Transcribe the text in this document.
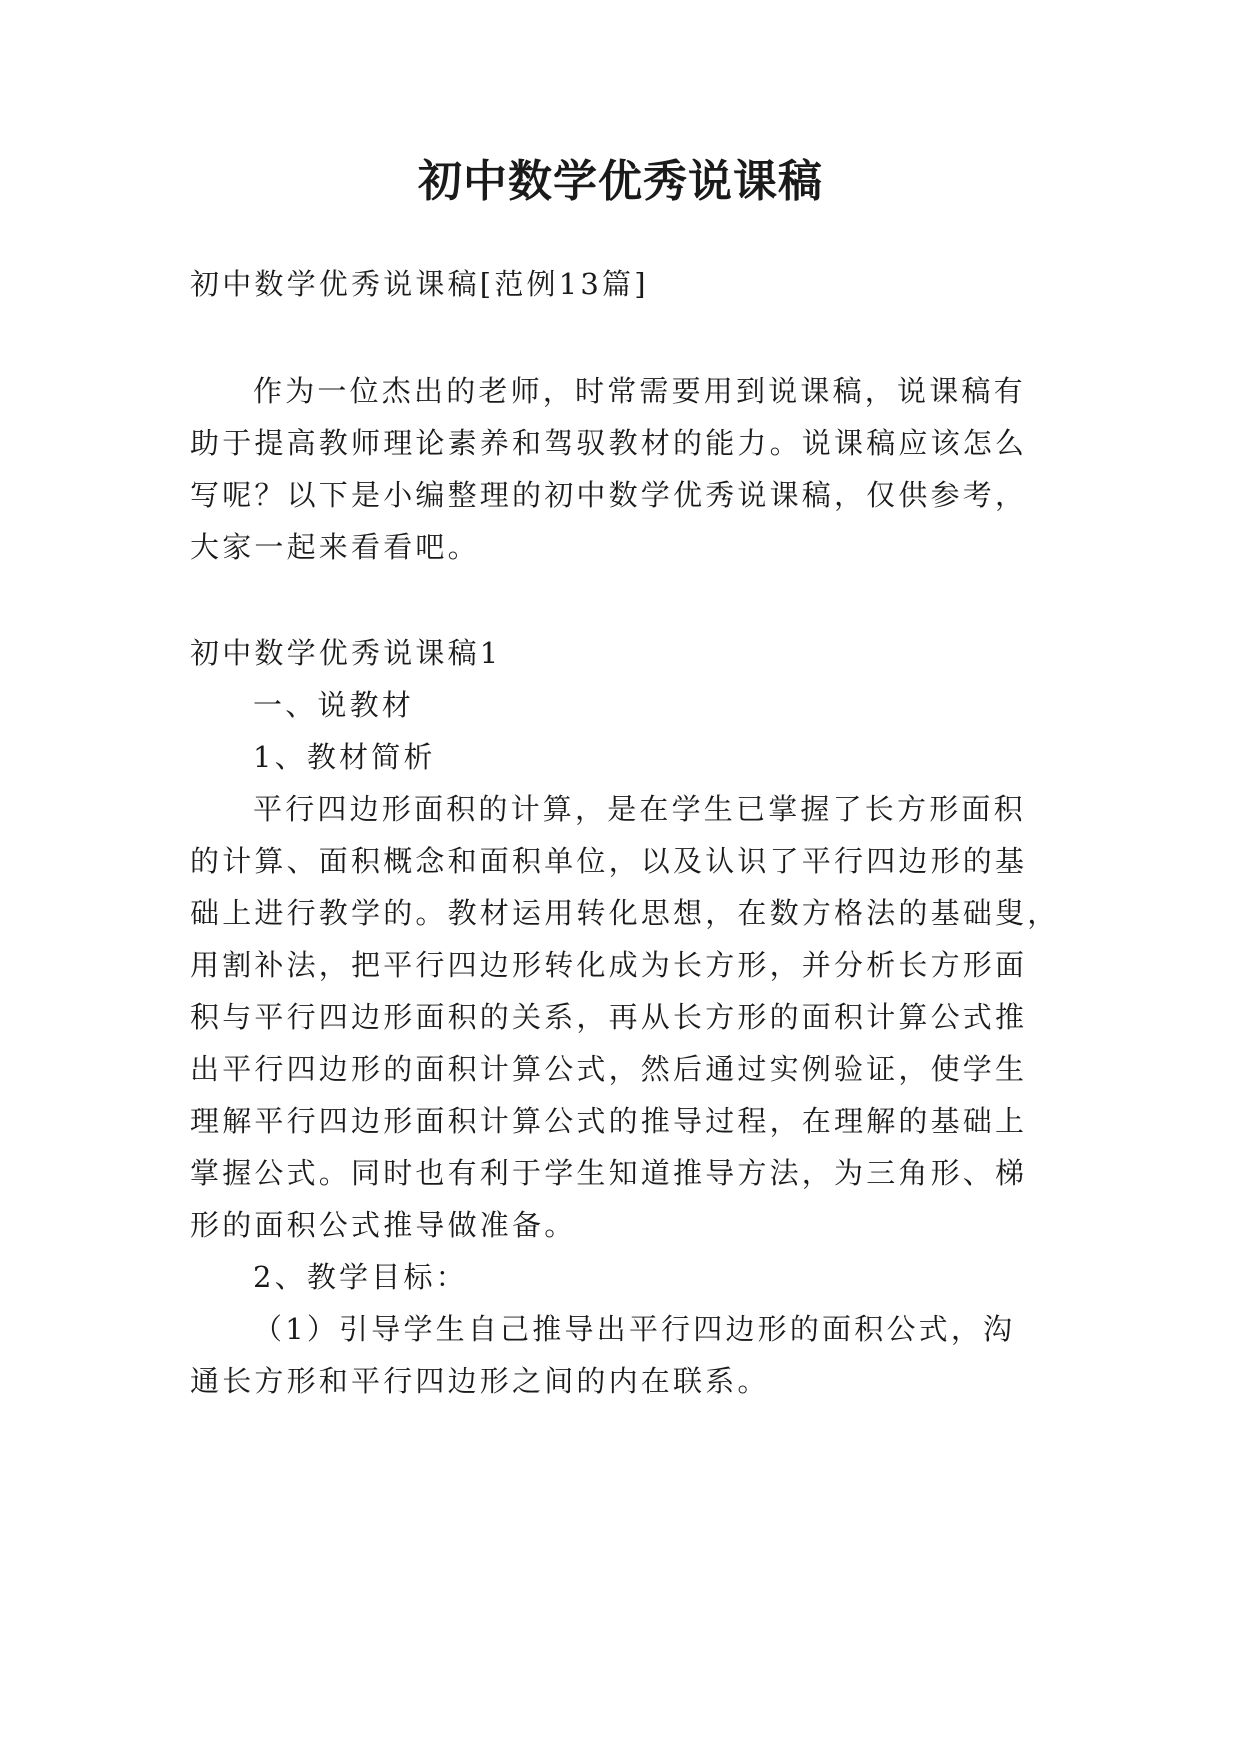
初中数学优秀说课稿
初中数学优秀说课稿[范例13篇]
作为一位杰出的老师，时常需要用到说课稿，说课稿有
助于提高教师理论素养和驾驭教材的能力。说课稿应该怎么
写呢？以下是小编整理的初中数学优秀说课稿，仅供参考，
大家一起来看看吧。
初中数学优秀说课稿1
一、说教材
1、教材简析
平行四边形面积的计算，是在学生已掌握了长方形面积
的计算、面积概念和面积单位，以及认识了平行四边形的基
础上进行教学的。教材运用转化思想，在数方格法的基础叟，
用割补法，把平行四边形转化成为长方形，并分析长方形面
积与平行四边形面积的关系，再从长方形的面积计算公式推
出平行四边形的面积计算公式，然后通过实例验证，使学生
理解平行四边形面积计算公式的推导过程，在理解的基础上
掌握公式。同时也有利于学生知道推导方法，为三角形、梯
形的面积公式推导做准备。
2、教学目标：
（1）引导学生自己推导出平行四边形的面积公式，沟
通长方形和平行四边形之间的内在联系。
